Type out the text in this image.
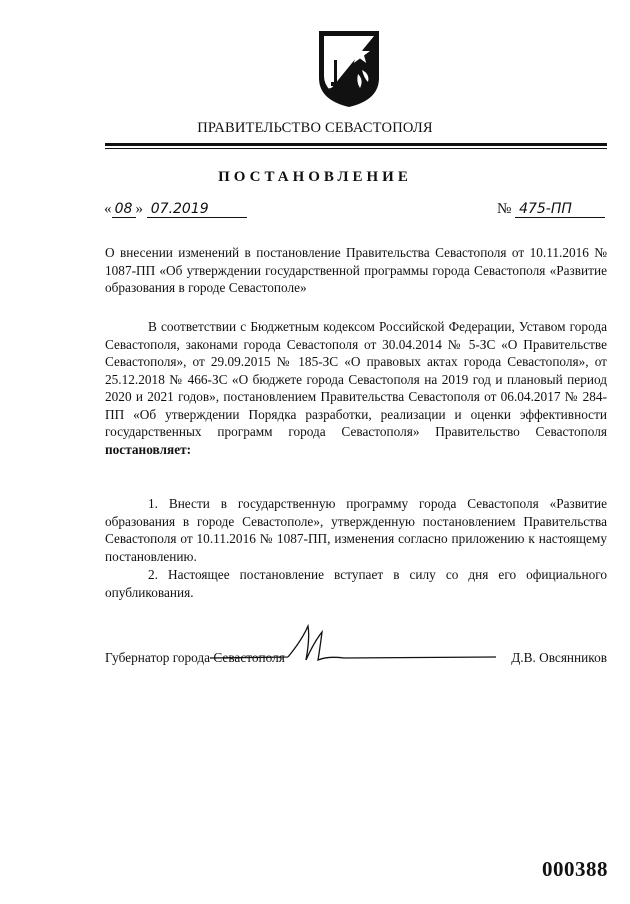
ПРАВИТЕЛЬСТВО СЕВАСТОПОЛЯ
ПОСТАНОВЛЕНИЕ
« 08 » 07.2019	№ 475-ПП
О внесении изменений в постановление Правительства Севастополя от 10.11.2016 № 1087-ПП «Об утверждении государственной программы города Севастополя «Развитие образования в городе Севастополе»
В соответствии с Бюджетным кодексом Российской Федерации, Уставом города Севастополя, законами города Севастополя от 30.04.2014 № 5-ЗС «О Правительстве Севастополя», от 29.09.2015 № 185-ЗС «О правовых актах города Севастополя», от 25.12.2018 № 466-ЗС «О бюджете города Севастополя на 2019 год и плановый период 2020 и 2021 годов», постановлением Правительства Севастополя от 06.04.2017 № 284-ПП «Об утверждении Порядка разработки, реализации и оценки эффективности государственных программ города Севастополя» Правительство Севастополя постановляет:
1. Внести в государственную программу города Севастополя «Развитие образования в городе Севастополе», утвержденную постановлением Правительства Севастополя от 10.11.2016 № 1087-ПП, изменения согласно приложению к настоящему постановлению.
2. Настоящее постановление вступает в силу со дня его официального опубликования.
Губернатор города Севастополя	Д.В. Овсянников
000388
